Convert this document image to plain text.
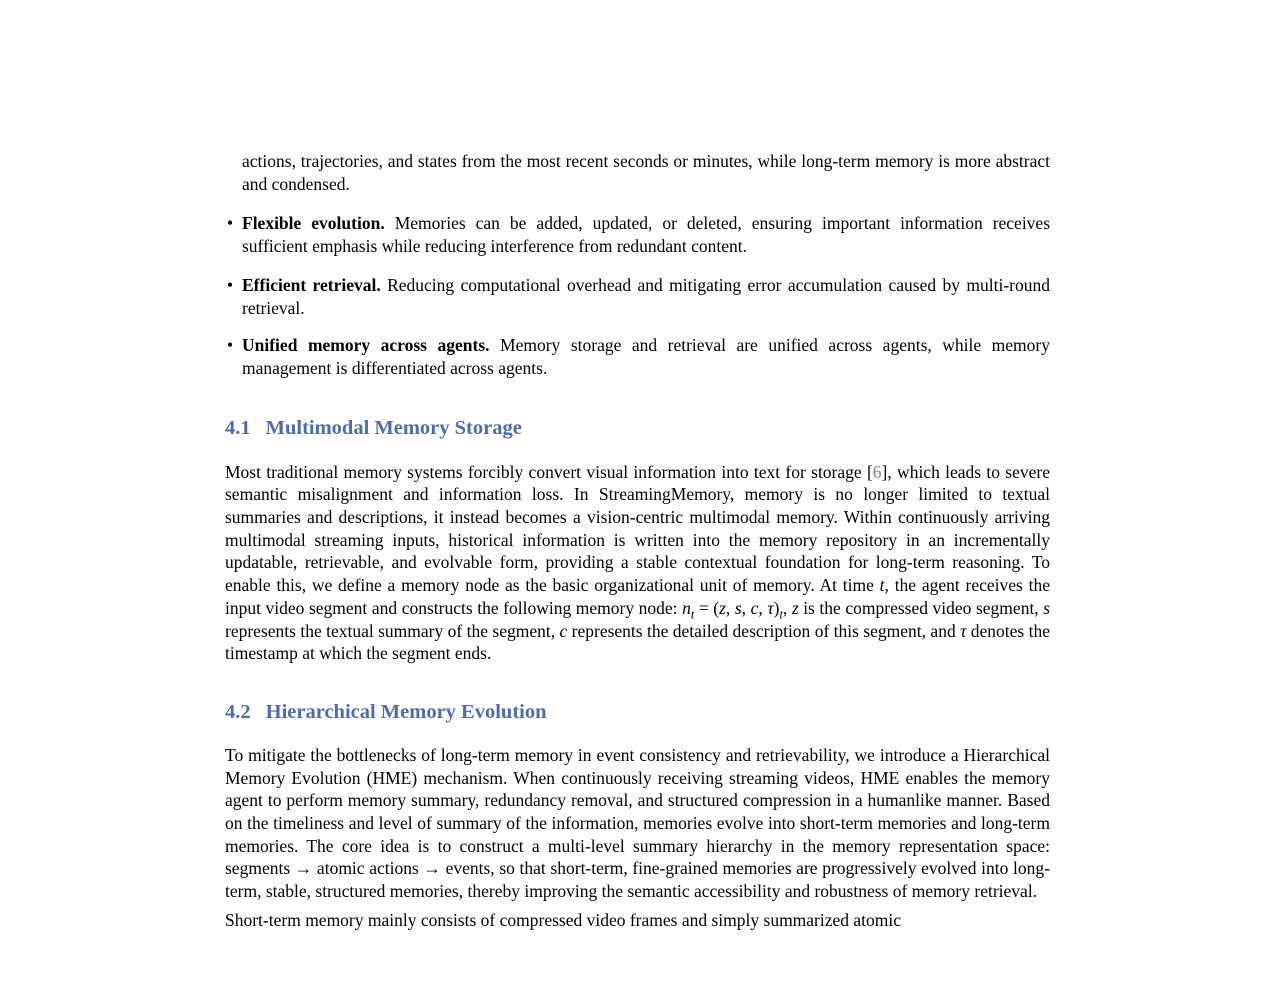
actions, trajectories, and states from the most recent seconds or minutes, while long-term memory is more abstract and condensed.

• Flexible evolution. Memories can be added, updated, or deleted, ensuring important information receives sufficient emphasis while reducing interference from redundant content.

• Efficient retrieval. Reducing computational overhead and mitigating error accumulation caused by multi-round retrieval.

• Unified memory across agents. Memory storage and retrieval are unified across agents, while memory management is differentiated across agents.

4.1 Multimodal Memory Storage

Most traditional memory systems forcibly convert visual information into text for storage [6], which leads to severe semantic misalignment and information loss. In StreamingMemory, memory is no longer limited to textual summaries and descriptions, it instead becomes a vision-centric multimodal memory. Within continuously arriving multimodal streaming inputs, historical information is written into the memory repository in an incrementally updatable, retrievable, and evolvable form, providing a stable contextual foundation for long-term reasoning. To enable this, we define a memory node as the basic organizational unit of memory. At time t, the agent receives the input video segment and constructs the following memory node: $n_t = (z$, s, c, $\tau)_t$, z is the compressed video segment, s represents the textual summary of the segment, c represents the detailed description of this segment, and τ denotes the timestamp at which the segment ends.

4.2 Hierarchical Memory Evolution

To mitigate the bottlenecks of long-term memory in event consistency and retrievability, we introduce a Hierarchical Memory Evolution (HME) mechanism. When continuously receiving streaming videos, HME enables the memory agent to perform memory summary, redundancy removal, and structured compression in a humanlike manner. Based on the timeliness and level of summary of the information, memories evolve into short-term memories and long-term memories. The core idea is to construct a multi-level summary hierarchy in the memory representation space: segments → atomic actions → events, so that short-term, fine-grained memories are progressively evolved into long-term, stable, structured memories, thereby improving the semantic accessibility and robustness of memory retrieval.

Short-term memory mainly consists of compressed video frames and simply summarized atomic
